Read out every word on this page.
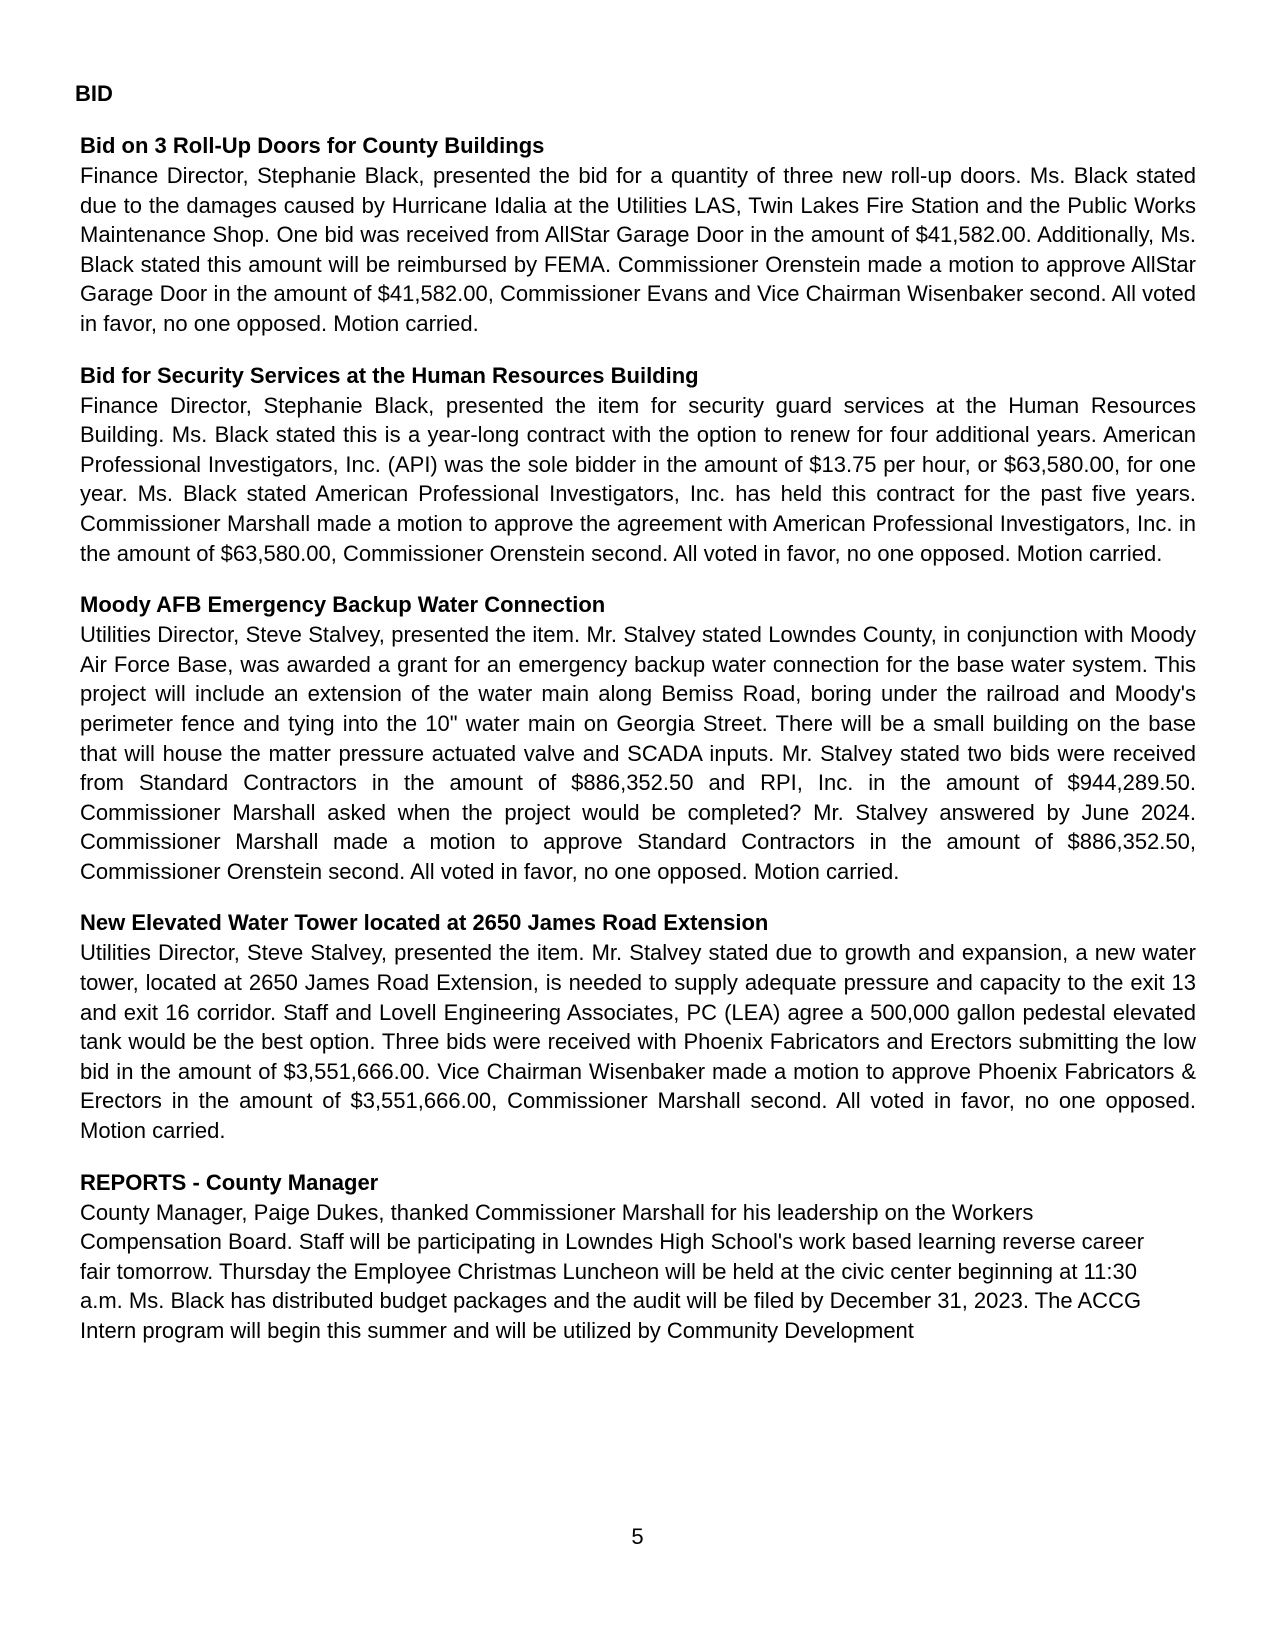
BID
Bid on 3 Roll-Up Doors for County Buildings

Finance Director, Stephanie Black, presented the bid for a quantity of three new roll-up doors. Ms. Black stated due to the damages caused by Hurricane Idalia at the Utilities LAS, Twin Lakes Fire Station and the Public Works Maintenance Shop. One bid was received from AllStar Garage Door in the amount of $41,582.00. Additionally, Ms. Black stated this amount will be reimbursed by FEMA. Commissioner Orenstein made a motion to approve AllStar Garage Door in the amount of $41,582.00, Commissioner Evans and Vice Chairman Wisenbaker second. All voted in favor, no one opposed. Motion carried.

Bid for Security Services at the Human Resources Building

Finance Director, Stephanie Black, presented the item for security guard services at the Human Resources Building. Ms. Black stated this is a year-long contract with the option to renew for four additional years. American Professional Investigators, Inc. (API) was the sole bidder in the amount of $13.75 per hour, or $63,580.00, for one year. Ms. Black stated American Professional Investigators, Inc. has held this contract for the past five years. Commissioner Marshall made a motion to approve the agreement with American Professional Investigators, Inc. in the amount of $63,580.00, Commissioner Orenstein second. All voted in favor, no one opposed. Motion carried.

Moody AFB Emergency Backup Water Connection

Utilities Director, Steve Stalvey, presented the item. Mr. Stalvey stated Lowndes County, in conjunction with Moody Air Force Base, was awarded a grant for an emergency backup water connection for the base water system. This project will include an extension of the water main along Bemiss Road, boring under the railroad and Moody's perimeter fence and tying into the 10" water main on Georgia Street. There will be a small building on the base that will house the matter pressure actuated valve and SCADA inputs. Mr. Stalvey stated two bids were received from Standard Contractors in the amount of $886,352.50 and RPI, Inc. in the amount of $944,289.50. Commissioner Marshall asked when the project would be completed? Mr. Stalvey answered by June 2024. Commissioner Marshall made a motion to approve Standard Contractors in the amount of $886,352.50, Commissioner Orenstein second. All voted in favor, no one opposed. Motion carried.

New Elevated Water Tower located at 2650 James Road Extension

Utilities Director, Steve Stalvey, presented the item. Mr. Stalvey stated due to growth and expansion, a new water tower, located at 2650 James Road Extension, is needed to supply adequate pressure and capacity to the exit 13 and exit 16 corridor. Staff and Lovell Engineering Associates, PC (LEA) agree a 500,000 gallon pedestal elevated tank would be the best option. Three bids were received with Phoenix Fabricators and Erectors submitting the low bid in the amount of $3,551,666.00. Vice Chairman Wisenbaker made a motion to approve Phoenix Fabricators & Erectors in the amount of $3,551,666.00, Commissioner Marshall second. All voted in favor, no one opposed. Motion carried.

REPORTS - County Manager

County Manager, Paige Dukes, thanked Commissioner Marshall for his leadership on the Workers Compensation Board. Staff will be participating in Lowndes High School's work based learning reverse career fair tomorrow. Thursday the Employee Christmas Luncheon will be held at the civic center beginning at 11:30 a.m. Ms. Black has distributed budget packages and the audit will be filed by December 31, 2023. The ACCG Intern program will begin this summer and will be utilized by Community Development

5
